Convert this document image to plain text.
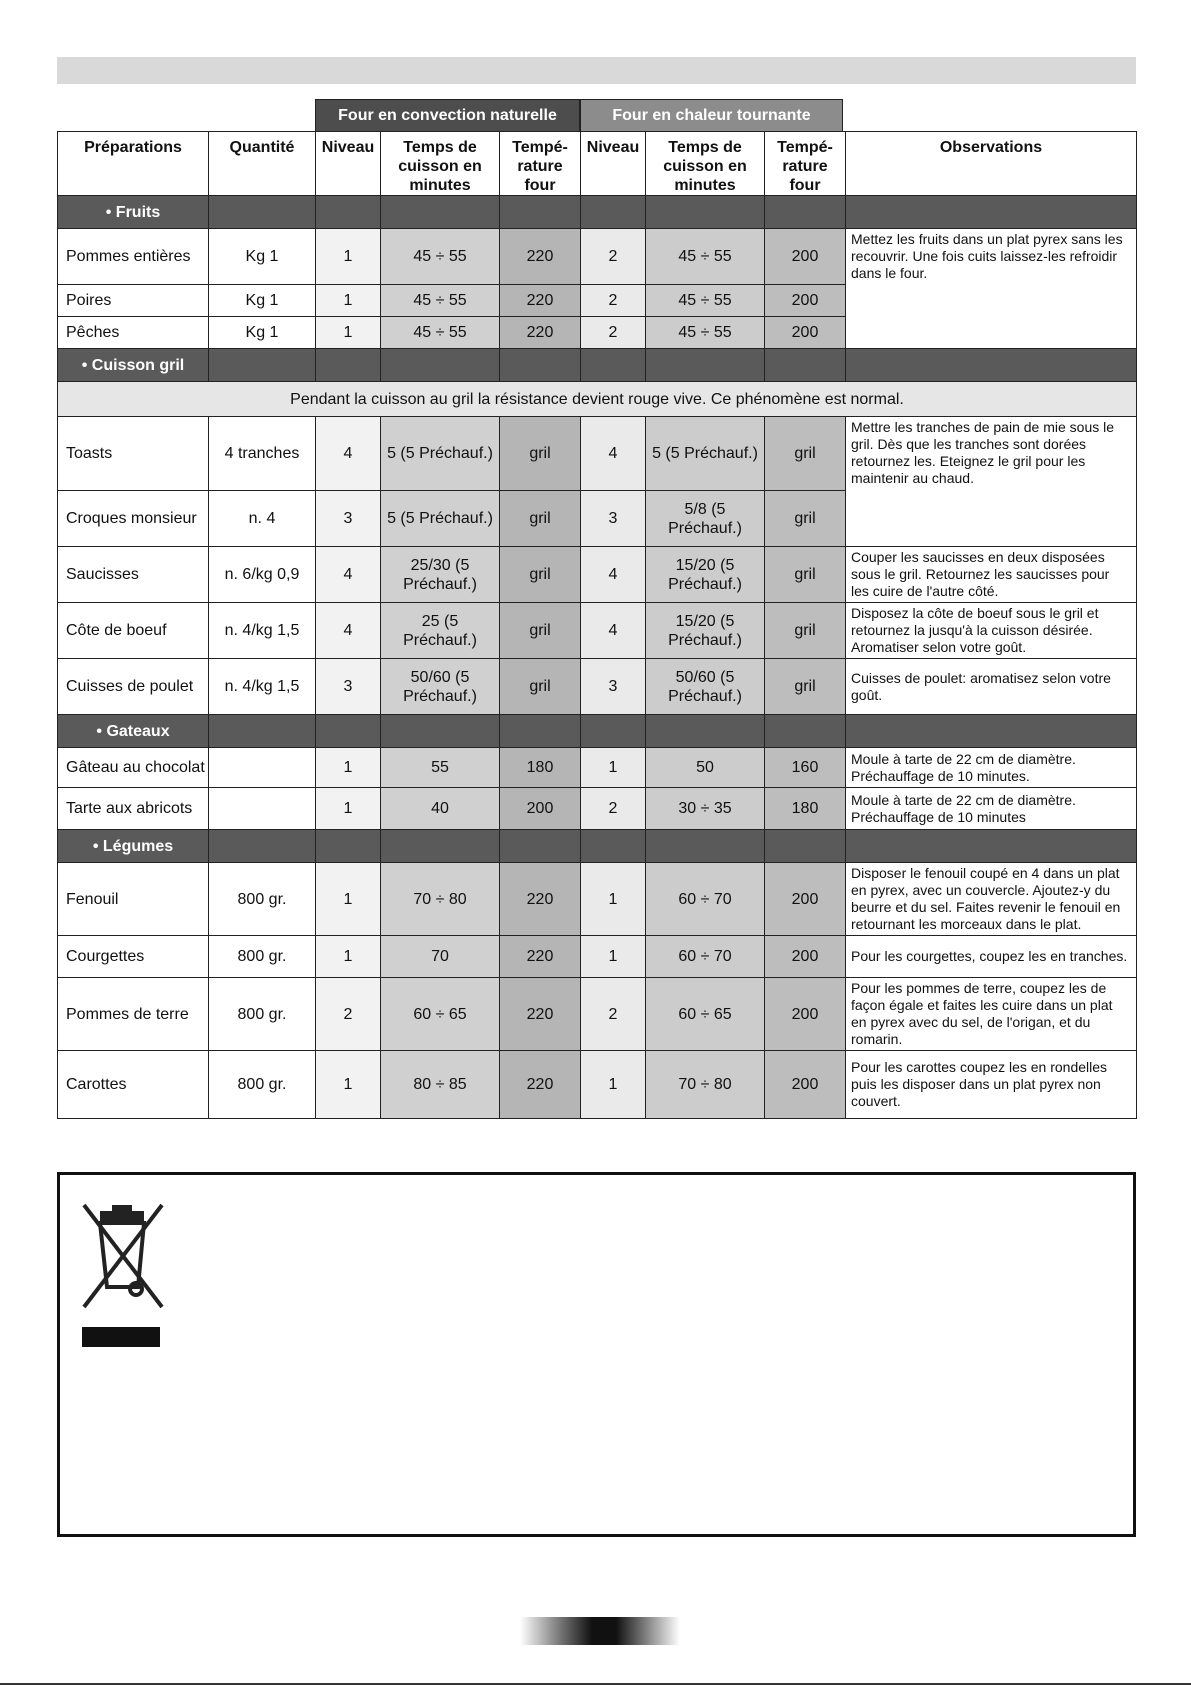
Four en convection naturelle	Four en chaleur tournante
Préparations	Quantité	Niveau	Temps de cuisson en minutes	Tempé-rature four	Niveau	Temps de cuisson en minutes	Tempé-rature four	Observations
• Fruits								
Pommes entières	Kg 1	1	45 ÷ 55	220	2	45 ÷ 55	200	Mettez les fruits dans un plat pyrex sans les recouvrir. Une fois cuits laissez-les refroidir dans le four.
Poires	Kg 1	1	45 ÷ 55	220	2	45 ÷ 55	200	
Pêches	Kg 1	1	45 ÷ 55	220	2	45 ÷ 55	200	
• Cuisson gril								
Pendant la cuisson au gril la résistance devient rouge vive. Ce phénomène est normal.								
Toasts	4 tranches	4	5 (5 Préchauf.)	gril	4	5 (5 Préchauf.)	gril	Mettre les tranches de pain de mie sous le gril. Dès que les tranches sont dorées retournez les. Eteignez le gril pour les maintenir au chaud.
Croques monsieur	n. 4	3	5 (5 Préchauf.)	gril	3	5/8 (5 Préchauf.)	gril	
Saucisses	n. 6/kg 0,9	4	25/30 (5 Préchauf.)	gril	4	15/20 (5 Préchauf.)	gril	Couper les saucisses en deux disposées sous le gril. Retournez les saucisses pour les cuire de l'autre côté.
Côte de boeuf	n. 4/kg 1,5	4	25 (5 Préchauf.)	gril	4	15/20 (5 Préchauf.)	gril	Disposez la côte de boeuf sous le gril et retournez la jusqu'à la cuisson désirée. Aromatiser selon votre goût.
Cuisses de poulet	n. 4/kg 1,5	3	50/60 (5 Préchauf.)	gril	3	50/60 (5 Préchauf.)	gril	Cuisses de poulet: aromatisez selon votre goût.
• Gateaux								
Gâteau au chocolat		1	55	180	1	50	160	Moule à tarte de 22 cm de diamètre. Préchauffage de 10 minutes.
Tarte aux abricots		1	40	200	2	30 ÷ 35	180	Moule à tarte de 22 cm de diamètre. Préchauffage de 10 minutes
• Légumes								
Fenouil	800 gr.	1	70 ÷ 80	220	1	60 ÷ 70	200	Disposer le fenouil coupé en 4 dans un plat en pyrex, avec un couvercle. Ajoutez-y du beurre et du sel. Faites revenir le fenouil en retournant les morceaux dans le plat.
Courgettes	800 gr.	1	70	220	1	60 ÷ 70	200	Pour les courgettes, coupez les en tranches.
Pommes de terre	800 gr.	2	60 ÷ 65	220	2	60 ÷ 65	200	Pour les pommes de terre, coupez les de façon égale et faites les cuire dans un plat en pyrex avec du sel, de l'origan, et du romarin.
Carottes	800 gr.	1	80 ÷ 85	220	1	70 ÷ 80	200	Pour les carottes coupez les en rondelles puis les disposer dans un plat pyrex non couvert.
